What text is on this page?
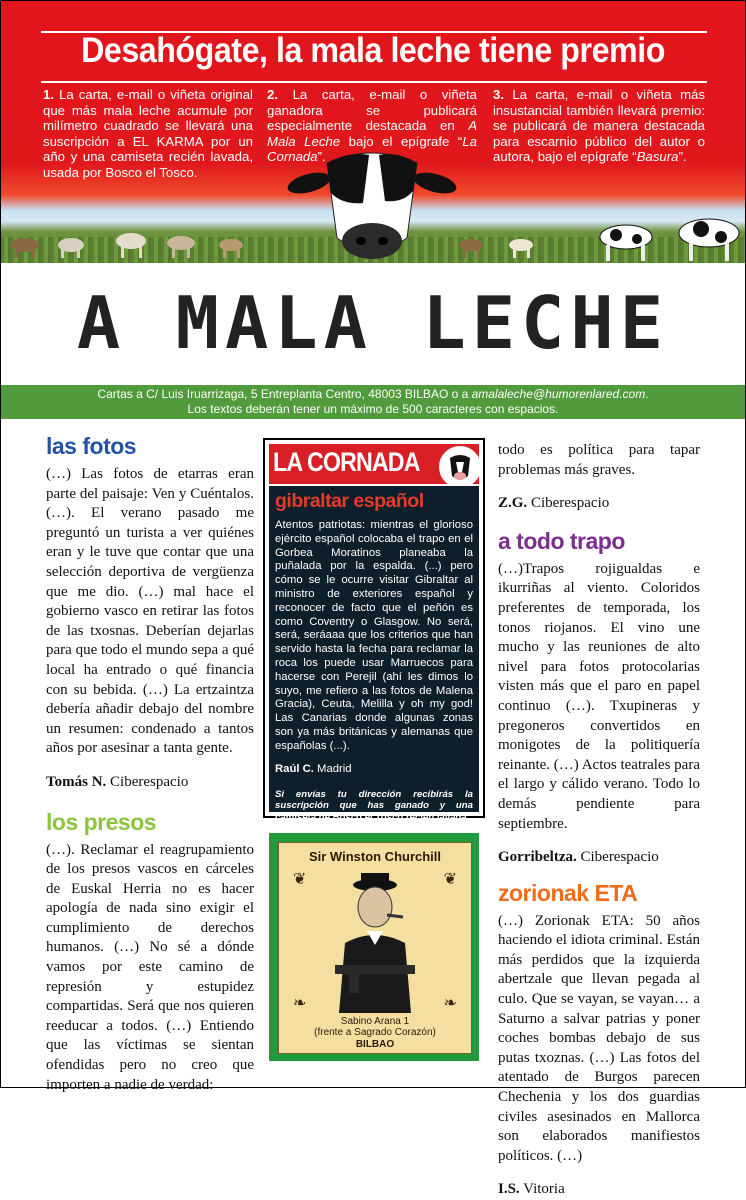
Desahógate, la mala leche tiene premio
1. La carta, e-mail o viñeta original que más mala leche acumule por milímetro cuadrado se llevará una suscripción a EL KARMA por un año y una camiseta recién lavada, usada por Bosco el Tosco.
2. La carta, e-mail o viñeta ganadora se publicará especialmente destacada en A Mala Leche bajo el epígrafe “La Cornada”.
3. La carta, e-mail o viñeta más insustancial también llevará premio: se publicará de manera destacada para escarnio público del autor o autora, bajo el epígrafe “Basura”.
A MALA LECHE
Cartas a C/ Luis Iruarrizaga, 5 Entreplanta Centro, 48003 BILBAO o a amalaleche@humorenlared.com.
Los textos deberán tener un máximo de 500 caracteres con espacios.
las fotos

(…) Las fotos de etarras eran parte del paisaje: Ven y Cuéntalos. (…). El verano pasado me preguntó un turista a ver quiénes eran y le tuve que contar que una selección deportiva de vergüenza que me dio. (…) mal hace el gobierno vasco en retirar las fotos de las txosnas. Deberían dejarlas para que todo el mundo sepa a qué local ha entrado o qué financia con su bebida. (…) La ertzaintza debería añadir debajo del nombre un resumen: condenado a tantos años por asesinar a tanta gente.

Tomás N. Ciberespacio

los presos

(…). Reclamar el reagrupamiento de los presos vascos en cárceles de Euskal Herria no es hacer apología de nada sino exigir el cumplimiento de derechos humanos. (…) No sé a dónde vamos por este camino de represión y estupidez compartidas. Será que nos quieren reeducar a todos. (…) Entiendo que las víctimas se sientan ofendidas pero no creo que importen a nadie de verdad:

LA CORNADA
gibraltar español
Atentos patriotas: mientras el glorioso ejército español colocaba el trapo en el Gorbea Moratinos planeaba la puñalada por la espalda. (...) pero cómo se le ocurre visitar Gibraltar al ministro de exteriores español y reconocer de facto que el peñón es como Coventry o Glasgow. No será, será, seráaaa que los criterios que han servido hasta la fecha para reclamar la roca los puede usar Marruecos para hacerse con Perejil (ahí les dimos lo suyo, me refiero a las fotos de Malena Gracia), Ceuta, Melilla y oh my god! Las Canarias donde algunas zonas son ya más británicas y alemanas que españolas (...).
Raúl C. Madrid
Si envías tu dirección recibirás la suscripción que has ganado y una camiseta de Bosco el Tosco recién lavada.
Sir Winston Churchill
❦	❦
❧	❧
Sabino Arana 1
(frente a Sagrado Corazón)
BILBAO

todo es política para tapar problemas más graves.

Z.G. Ciberespacio

a todo trapo

(…)Trapos rojigualdas e ikurriñas al viento. Coloridos preferentes de temporada, los tonos riojanos. El vino une mucho y las reuniones de alto nivel para fotos protocolarias visten más que el paro en papel continuo (…). Txupineras y pregoneros convertidos en monigotes de la politiquería reinante. (…) Actos teatrales para el largo y cálido verano. Todo lo demás pendiente para septiembre.

Gorribeltza. Ciberespacio

zorionak ETA

(…) Zorionak ETA: 50 años haciendo el idiota criminal. Están más perdidos que la izquierda abertzale que llevan pegada al culo. Que se vayan, se vayan… a Saturno a salvar patrias y poner coches bombas debajo de sus putas txoznas. (…) Las fotos del atentado de Burgos parecen Chechenia y los dos guardias civiles asesinados en Mallorca son elaborados manifiestos políticos. (…)

I.S. Vitoria
